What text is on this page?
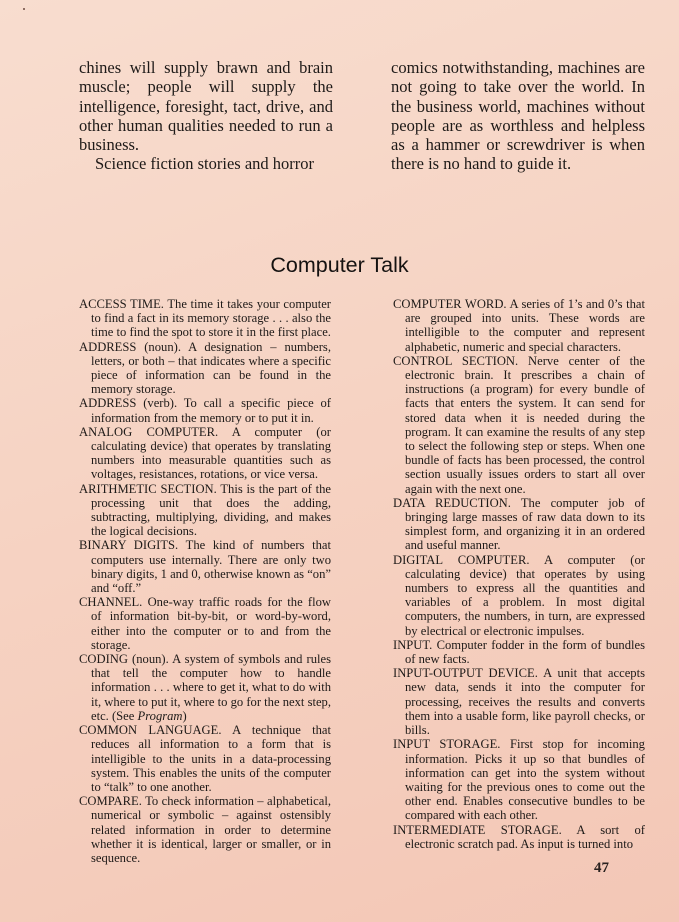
chines will supply brawn and brain muscle; people will supply the intelligence, foresight, tact, drive, and other human qualities needed to run a business.

Science fiction stories and horror

comics notwithstanding, machines are not going to take over the world. In the business world, machines without people are as worthless and helpless as a hammer or screwdriver is when there is no hand to guide it.

Computer Talk

ACCESS TIME. The time it takes your computer to find a fact in its memory storage . . . also the time to find the spot to store it in the first place.

ADDRESS (noun). A designation – numbers, letters, or both – that indicates where a specific piece of information can be found in the memory storage.

ADDRESS (verb). To call a specific piece of information from the memory or to put it in.

ANALOG COMPUTER. A computer (or calculating device) that operates by translating numbers into measurable quantities such as voltages, resistances, rotations, or vice versa.

ARITHMETIC SECTION. This is the part of the processing unit that does the adding, subtracting, multiplying, dividing, and makes the logical decisions.

BINARY DIGITS. The kind of numbers that computers use internally. There are only two binary digits, 1 and 0, otherwise known as “on” and “off.”

CHANNEL. One-way traffic roads for the flow of information bit-by-bit, or word-by-word, either into the computer or to and from the storage.

CODING (noun). A system of symbols and rules that tell the computer how to handle information . . . where to get it, what to do with it, where to put it, where to go for the next step, etc. (See Program)

COMMON LANGUAGE. A technique that reduces all information to a form that is intelligible to the units in a data-processing system. This enables the units of the computer to “talk” to one another.

COMPARE. To check information – alphabetical, numerical or symbolic – against ostensibly related information in order to determine whether it is identical, larger or smaller, or in sequence.

COMPUTER WORD. A series of 1’s and 0’s that are grouped into units. These words are intelligible to the computer and represent alphabetic, numeric and special characters.

CONTROL SECTION. Nerve center of the electronic brain. It prescribes a chain of instructions (a program) for every bundle of facts that enters the system. It can send for stored data when it is needed during the program. It can examine the results of any step to select the following step or steps. When one bundle of facts has been processed, the control section usually issues orders to start all over again with the next one.

DATA REDUCTION. The computer job of bringing large masses of raw data down to its simplest form, and organizing it in an ordered and useful manner.

DIGITAL COMPUTER. A computer (or calculating device) that operates by using numbers to express all the quantities and variables of a problem. In most digital computers, the numbers, in turn, are expressed by electrical or electronic impulses.

INPUT. Computer fodder in the form of bundles of new facts.

INPUT-OUTPUT DEVICE. A unit that accepts new data, sends it into the computer for processing, receives the results and converts them into a usable form, like payroll checks, or bills.

INPUT STORAGE. First stop for incoming information. Picks it up so that bundles of information can get into the system without waiting for the previous ones to come out the other end. Enables consecutive bundles to be compared with each other.

INTERMEDIATE STORAGE. A sort of electronic scratch pad. As input is turned into

47
